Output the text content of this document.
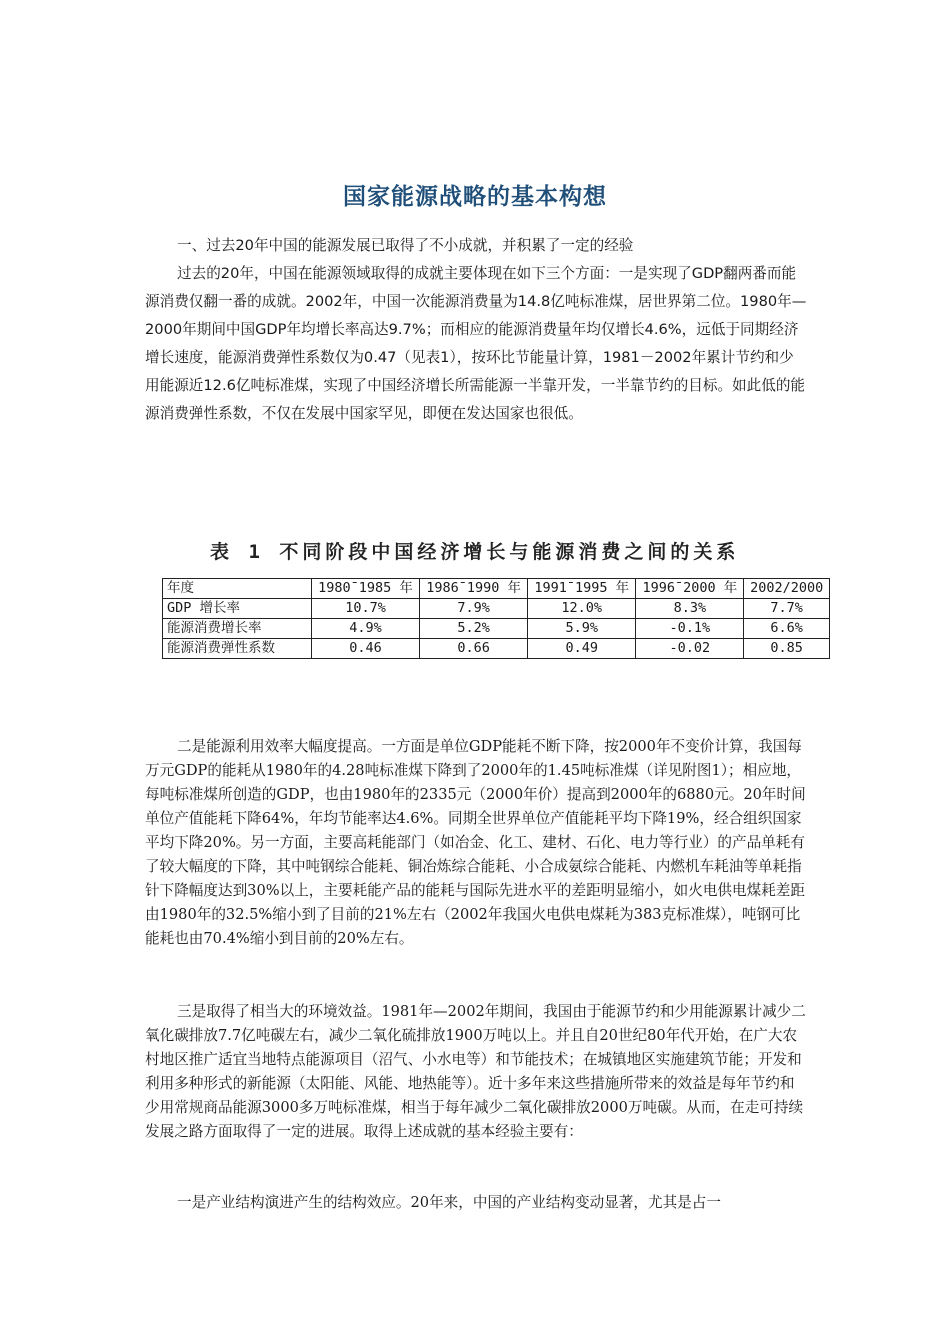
国家能源战略的基本构想

一、过去20年中国的能源发展已取得了不小成就，并积累了一定的经验

过去的20年，中国在能源领域取得的成就主要体现在如下三个方面：一是实现了GDP翻两番而能源消费仅翻一番的成就。2002年，中国一次能源消费量为14.8亿吨标准煤，居世界第二位。1980年—2000年期间中国GDP年均增长率高达9.7%；而相应的能源消费量年均仅增长4.6%，远低于同期经济增长速度，能源消费弹性系数仅为0.47（见表1），按环比节能量计算，1981－2002年累计节约和少用能源近12.6亿吨标准煤，实现了中国经济增长所需能源一半靠开发，一半靠节约的目标。如此低的能源消费弹性系数，不仅在发展中国家罕见，即便在发达国家也很低。

表 1 不同阶段中国经济增长与能源消费之间的关系
年度	1980¯1985 年	1986¯1990 年	1991¯1995 年	1996¯2000 年	2002/2000
GDP 增长率	10.7%	7.9%	12.0%	8.3%	7.7%
能源消费增长率	4.9%	5.2%	5.9%	-0.1%	6.6%
能源消费弹性系数	0.46	0.66	0.49	-0.02	0.85

二是能源利用效率大幅度提高。一方面是单位GDP能耗不断下降，按2000年不变价计算，我国每万元GDP的能耗从1980年的4.28吨标准煤下降到了2000年的1.45吨标准煤（详见附图1）；相应地，每吨标准煤所创造的GDP，也由1980年的2335元（2000年价）提高到2000年的6880元。20年时间单位产值能耗下降64%，年均节能率达4.6%。同期全世界单位产值能耗平均下降19%，经合组织国家平均下降20%。另一方面，主要高耗能部门（如冶金、化工、建材、石化、电力等行业）的产品单耗有了较大幅度的下降，其中吨钢综合能耗、铜冶炼综合能耗、小合成氨综合能耗、内燃机车耗油等单耗指针下降幅度达到30%以上，主要耗能产品的能耗与国际先进水平的差距明显缩小，如火电供电煤耗差距由1980年的32.5%缩小到了目前的21%左右（2002年我国火电供电煤耗为383克标准煤），吨钢可比能耗也由70.4%缩小到目前的20%左右。

三是取得了相当大的环境效益。1981年—2002年期间，我国由于能源节约和少用能源累计减少二氧化碳排放7.7亿吨碳左右，减少二氧化硫排放1900万吨以上。并且自20世纪80年代开始，在广大农村地区推广适宜当地特点能源项目（沼气、小水电等）和节能技术；在城镇地区实施建筑节能；开发和利用多种形式的新能源（太阳能、风能、地热能等）。近十多年来这些措施所带来的效益是每年节约和少用常规商品能源3000多万吨标准煤，相当于每年减少二氧化碳排放2000万吨碳。从而，在走可持续发展之路方面取得了一定的进展。取得上述成就的基本经验主要有：

一是产业结构演进产生的结构效应。20年来，中国的产业结构变动显著，尤其是占一
